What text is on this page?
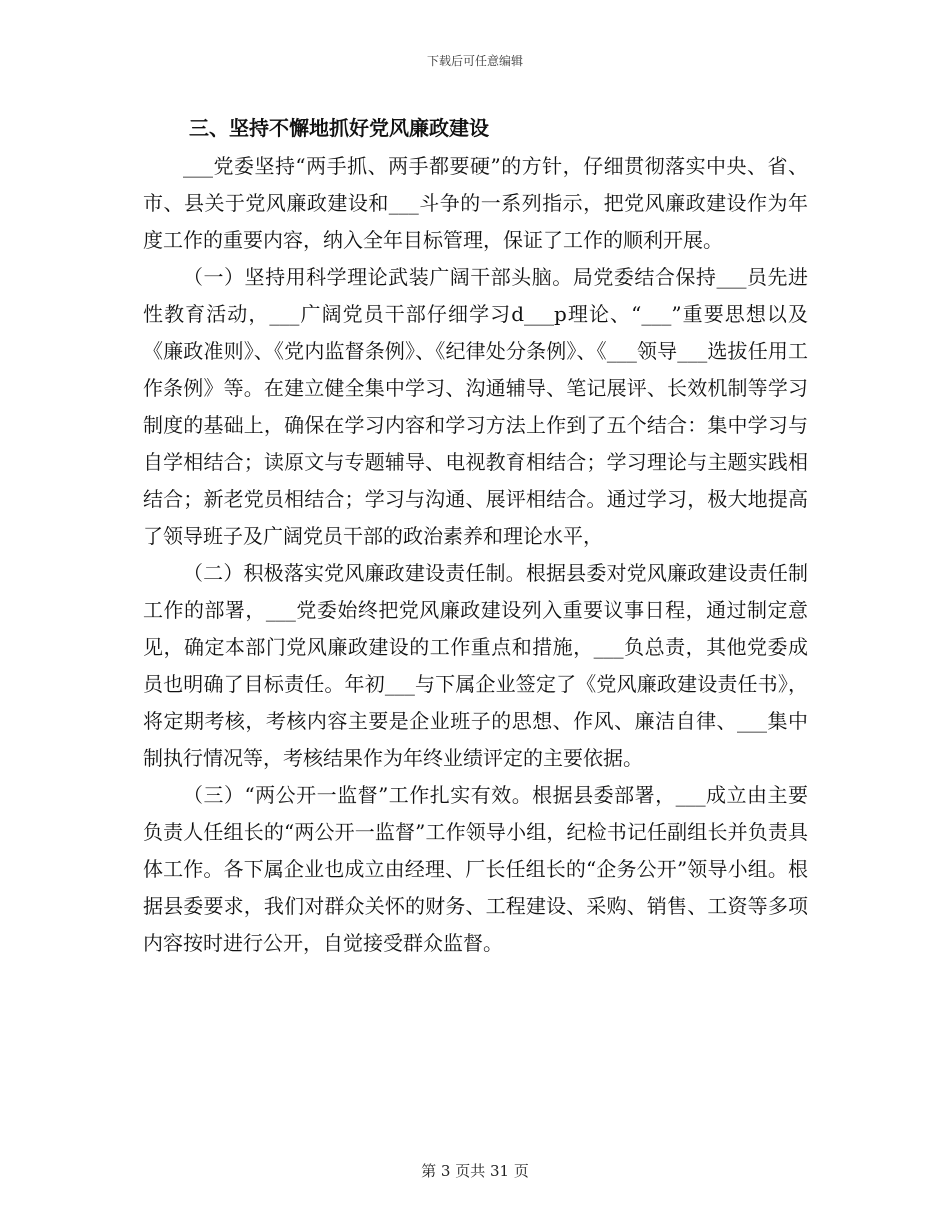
下载后可任意编辑
三、坚持不懈地抓好党风廉政建设

___党委坚持“两手抓、两手都要硬”的方针，仔细贯彻落实中央、省、市、县关于党风廉政建设和___斗争的一系列指示，把党风廉政建设作为年度工作的重要内容，纳入全年目标管理，保证了工作的顺利开展。

（一）坚持用科学理论武装广阔干部头脑。局党委结合保持___员先进性教育活动，___广阔党员干部仔细学习d___p理论、“___”重要思想以及《廉政准则》、《党内监督条例》、《纪律处分条例》、《___领导___选拔任用工作条例》等。在建立健全集中学习、沟通辅导、笔记展评、长效机制等学习制度的基础上，确保在学习内容和学习方法上作到了五个结合：集中学习与自学相结合；读原文与专题辅导、电视教育相结合；学习理论与主题实践相结合；新老党员相结合；学习与沟通、展评相结合。通过学习，极大地提高了领导班子及广阔党员干部的政治素养和理论水平，

（二）积极落实党风廉政建设责任制。根据县委对党风廉政建设责任制工作的部署，___党委始终把党风廉政建设列入重要议事日程，通过制定意见，确定本部门党风廉政建设的工作重点和措施，___负总责，其他党委成员也明确了目标责任。年初___与下属企业签定了《党风廉政建设责任书》，将定期考核，考核内容主要是企业班子的思想、作风、廉洁自律、___集中制执行情况等，考核结果作为年终业绩评定的主要依据。

（三）“两公开一监督”工作扎实有效。根据县委部署，___成立由主要负责人任组长的“两公开一监督”工作领导小组，纪检书记任副组长并负责具体工作。各下属企业也成立由经理、厂长任组长的“企务公开”领导小组。根据县委要求，我们对群众关怀的财务、工程建设、采购、销售、工资等多项内容按时进行公开，自觉接受群众监督。

第 3 页共 31 页
